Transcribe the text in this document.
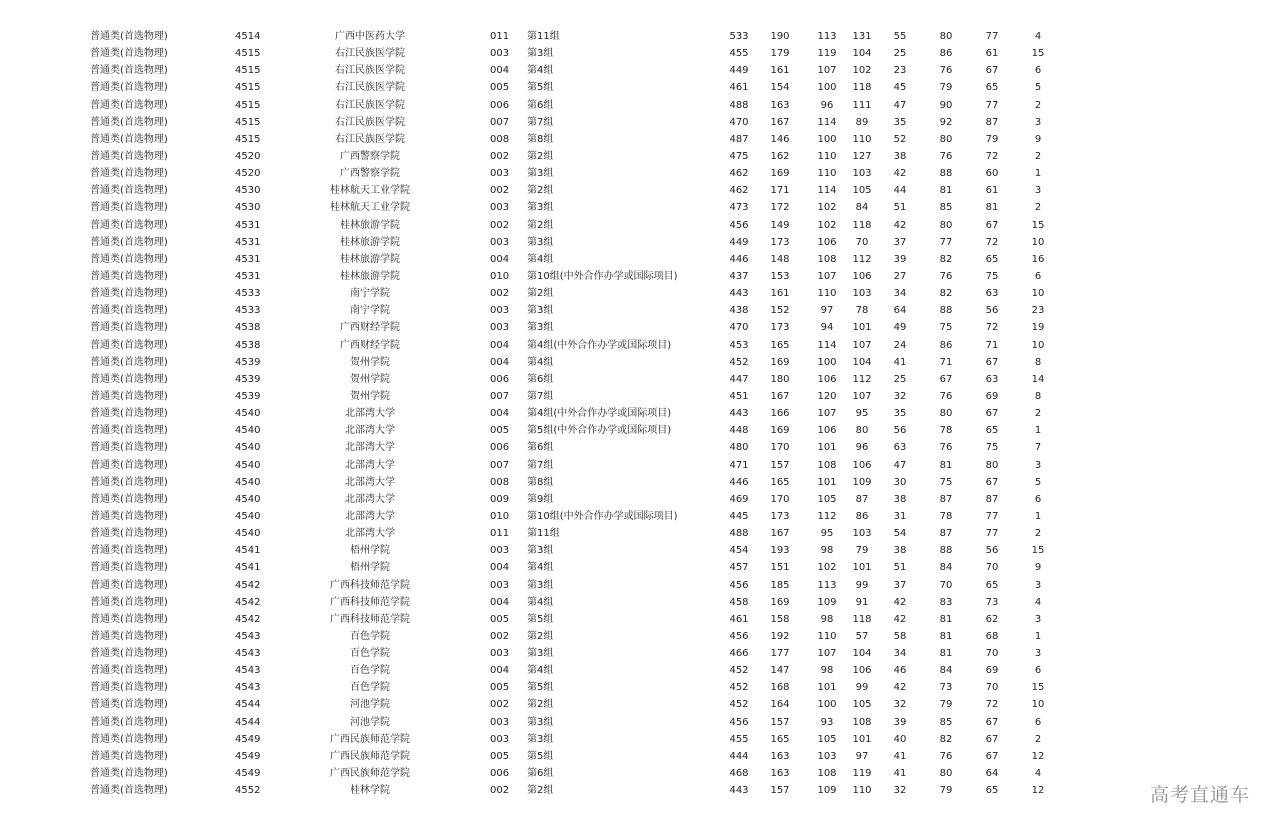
普通类(首选物理)	4514	广西中医药大学	011 第11组	533	190	113	131	55	80	77	4
普通类(首选物理)	4515	右江民族医学院	003 第3组	455	179	119	104	25	86	61	15
普通类(首选物理)	4515	右江民族医学院	004 第4组	449	161	107	102	23	76	67	6
普通类(首选物理)	4515	右江民族医学院	005 第5组	461	154	100	118	45	79	65	5
普通类(首选物理)	4515	右江民族医学院	006 第6组	488	163	96	111	47	90	77	2
普通类(首选物理)	4515	右江民族医学院	007 第7组	470	167	114	89	35	92	87	3
普通类(首选物理)	4515	右江民族医学院	008 第8组	487	146	100	110	52	80	79	9
普通类(首选物理)	4520	广西警察学院	002 第2组	475	162	110	127	38	76	72	2
普通类(首选物理)	4520	广西警察学院	003 第3组	462	169	110	103	42	88	60	1
普通类(首选物理)	4530	桂林航天工业学院	002 第2组	462	171	114	105	44	81	61	3
普通类(首选物理)	4530	桂林航天工业学院	003 第3组	473	172	102	84	51	85	81	2
普通类(首选物理)	4531	桂林旅游学院	002 第2组	456	149	102	118	42	80	67	15
普通类(首选物理)	4531	桂林旅游学院	003 第3组	449	173	106	70	37	77	72	10
普通类(首选物理)	4531	桂林旅游学院	004 第4组	446	148	108	112	39	82	65	16
普通类(首选物理)	4531	桂林旅游学院	010 第10组(中外合作办学或国际项目)	437	153	107	106	27	76	75	6
普通类(首选物理)	4533	南宁学院	002 第2组	443	161	110	103	34	82	63	10
普通类(首选物理)	4533	南宁学院	003 第3组	438	152	97	78	64	88	56	23
普通类(首选物理)	4538	广西财经学院	003 第3组	470	173	94	101	49	75	72	19
普通类(首选物理)	4538	广西财经学院	004 第4组(中外合作办学或国际项目)	453	165	114	107	24	86	71	10
普通类(首选物理)	4539	贺州学院	004 第4组	452	169	100	104	41	71	67	8
普通类(首选物理)	4539	贺州学院	006 第6组	447	180	106	112	25	67	63	14
普通类(首选物理)	4539	贺州学院	007 第7组	451	167	120	107	32	76	69	8
普通类(首选物理)	4540	北部湾大学	004 第4组(中外合作办学或国际项目)	443	166	107	95	35	80	67	2
普通类(首选物理)	4540	北部湾大学	005 第5组(中外合作办学或国际项目)	448	169	106	80	56	78	65	1
普通类(首选物理)	4540	北部湾大学	006 第6组	480	170	101	96	63	76	75	7
普通类(首选物理)	4540	北部湾大学	007 第7组	471	157	108	106	47	81	80	3
普通类(首选物理)	4540	北部湾大学	008 第8组	446	165	101	109	30	75	67	5
普通类(首选物理)	4540	北部湾大学	009 第9组	469	170	105	87	38	87	87	6
普通类(首选物理)	4540	北部湾大学	010 第10组(中外合作办学或国际项目)	445	173	112	86	31	78	77	1
普通类(首选物理)	4540	北部湾大学	011 第11组	488	167	95	103	54	87	77	2
普通类(首选物理)	4541	梧州学院	003 第3组	454	193	98	79	38	88	56	15
普通类(首选物理)	4541	梧州学院	004 第4组	457	151	102	101	51	84	70	9
普通类(首选物理)	4542	广西科技师范学院	003 第3组	456	185	113	99	37	70	65	3
普通类(首选物理)	4542	广西科技师范学院	004 第4组	458	169	109	91	42	83	73	4
普通类(首选物理)	4542	广西科技师范学院	005 第5组	461	158	98	118	42	81	62	3
普通类(首选物理)	4543	百色学院	002 第2组	456	192	110	57	58	81	68	1
普通类(首选物理)	4543	百色学院	003 第3组	466	177	107	104	34	81	70	3
普通类(首选物理)	4543	百色学院	004 第4组	452	147	98	106	46	84	69	6
普通类(首选物理)	4543	百色学院	005 第5组	452	168	101	99	42	73	70	15
普通类(首选物理)	4544	河池学院	002 第2组	452	164	100	105	32	79	72	10
普通类(首选物理)	4544	河池学院	003 第3组	456	157	93	108	39	85	67	6
普通类(首选物理)	4549	广西民族师范学院	003 第3组	455	165	105	101	40	82	67	2
普通类(首选物理)	4549	广西民族师范学院	005 第5组	444	163	103	97	41	76	67	12
普通类(首选物理)	4549	广西民族师范学院	006 第6组	468	163	108	119	41	80	64	4
普通类(首选物理)	4552	桂林学院	002 第2组	443	157	109	110	32	79	65	12	高考直通车
